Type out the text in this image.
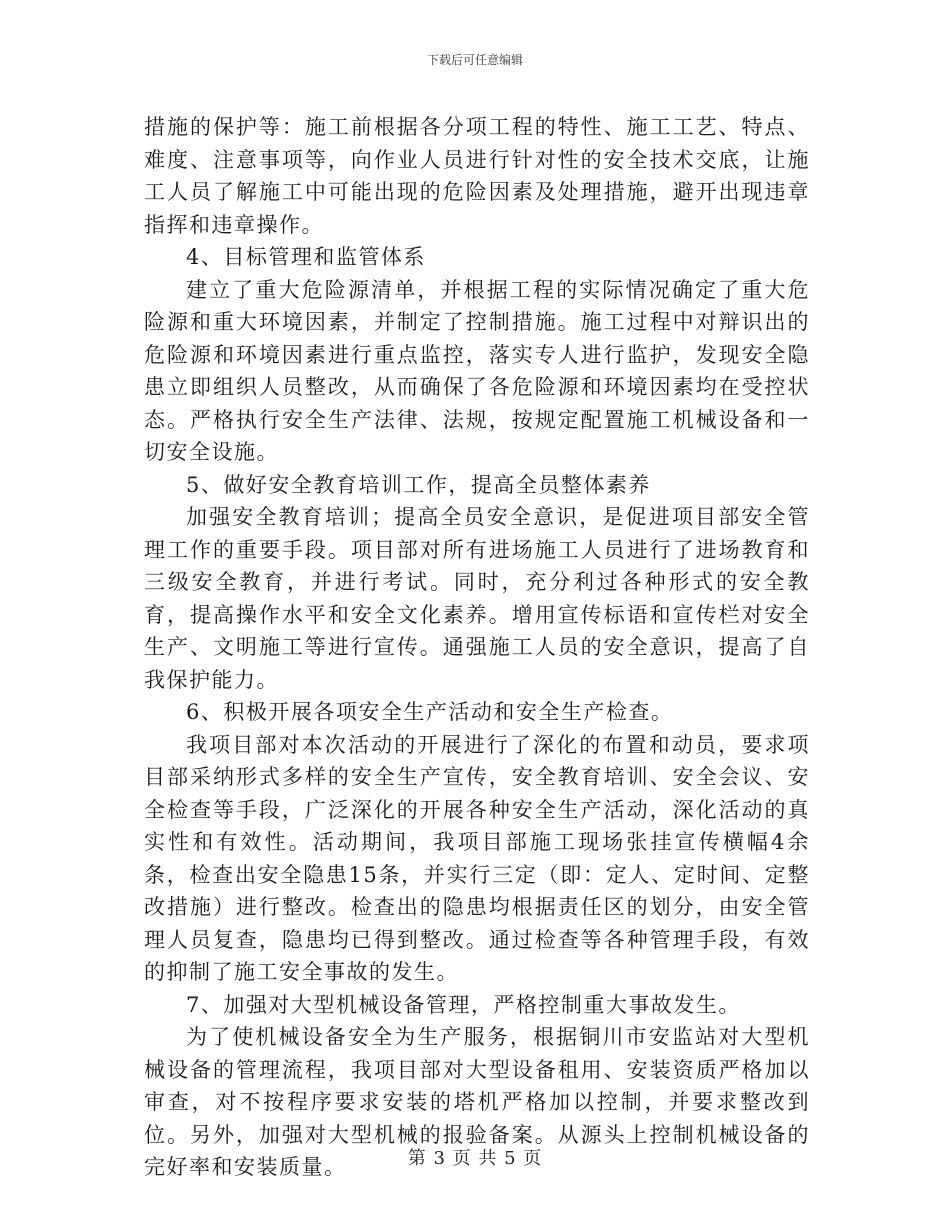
下载后可任意编辑

措施的保护等：施工前根据各分项工程的特性、施工工艺、特点、难度、注意事项等，向作业人员进行针对性的安全技术交底，让施工人员了解施工中可能出现的危险因素及处理措施，避开出现违章指挥和违章操作。

4、目标管理和监管体系

建立了重大危险源清单，并根据工程的实际情况确定了重大危险源和重大环境因素，并制定了控制措施。施工过程中对辩识出的危险源和环境因素进行重点监控，落实专人进行监护，发现安全隐患立即组织人员整改，从而确保了各危险源和环境因素均在受控状态。严格执行安全生产法律、法规，按规定配置施工机械设备和一切安全设施。

5、做好安全教育培训工作，提高全员整体素养

加强安全教育培训；提高全员安全意识，是促进项目部安全管理工作的重要手段。项目部对所有进场施工人员进行了进场教育和三级安全教育，并进行考试。同时，充分利过各种形式的安全教育，提高操作水平和安全文化素养。增用宣传标语和宣传栏对安全生产、文明施工等进行宣传。通强施工人员的安全意识，提高了自我保护能力。

6、积极开展各项安全生产活动和安全生产检查。

我项目部对本次活动的开展进行了深化的布置和动员，要求项目部采纳形式多样的安全生产宣传，安全教育培训、安全会议、安全检查等手段，广泛深化的开展各种安全生产活动，深化活动的真实性和有效性。活动期间，我项目部施工现场张挂宣传横幅4余条，检查出安全隐患15条，并实行三定（即：定人、定时间、定整改措施）进行整改。检查出的隐患均根据责任区的划分，由安全管理人员复查，隐患均已得到整改。通过检查等各种管理手段，有效的抑制了施工安全事故的发生。

7、加强对大型机械设备管理，严格控制重大事故发生。

为了使机械设备安全为生产服务，根据铜川市安监站对大型机械设备的管理流程，我项目部对大型设备租用、安装资质严格加以审查，对不按程序要求安装的塔机严格加以控制，并要求整改到位。另外，加强对大型机械的报验备案。从源头上控制机械设备的完好率和安装质量。	第 3 页 共 5 页
